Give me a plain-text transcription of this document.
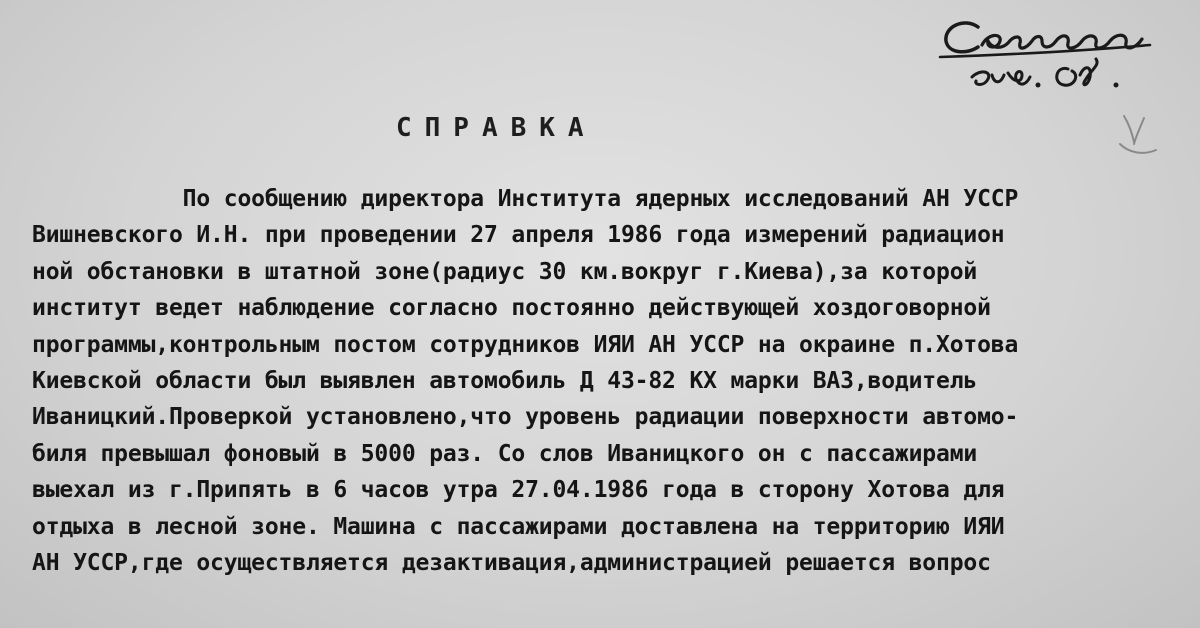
СПРАВКА
По сообщению директора Института ядерных исследований АН УССР
Вишневского И.Н. при проведении 27 апреля 1986 года измерений радиацион
ной обстановки в штатной зоне(радиус 30 км.вокруг г.Киева),за которой
институт ведет наблюдение согласно постоянно действующей хоздоговорной
программы,контрольным постом сотрудников ИЯИ АН УССР на окраине п.Хотова
Киевской области был выявлен автомобиль Д 43-82 КХ марки ВАЗ,водитель
Иваницкий.Проверкой установлено,что уровень радиации поверхности автомо-
биля превышал фоновый в 5000 раз. Со слов Иваницкого он с пассажирами
выехал из г.Припять в 6 часов утра 27.04.1986 года в сторону Хотова для
отдыха в лесной зоне. Машина с пассажирами доставлена на территорию ИЯИ
АН УССР,где осуществляется дезактивация,администрацией решается вопрос
